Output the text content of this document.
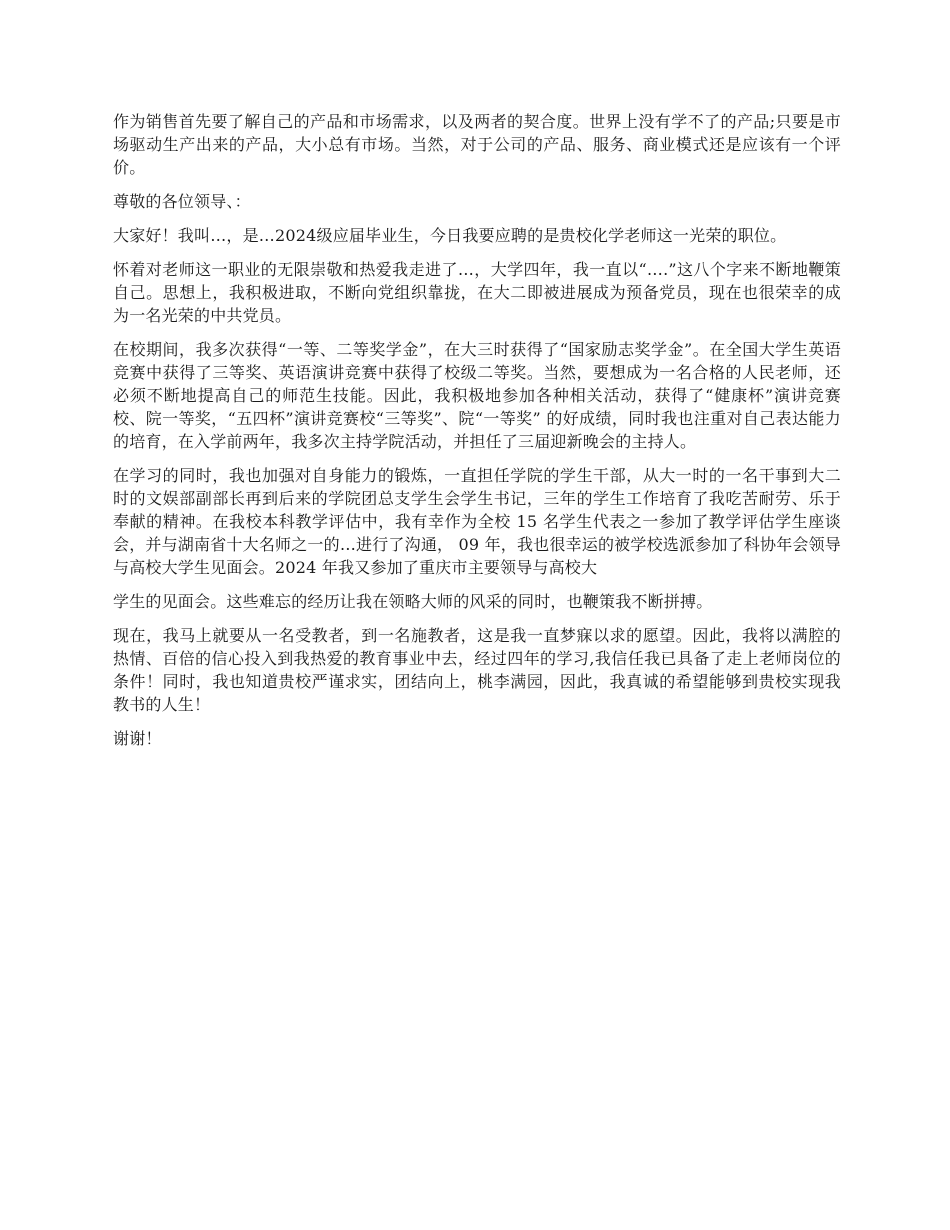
作为销售首先要了解自己的产品和市场需求，以及两者的契合度。世界上没有学不了的产品;只要是市场驱动生产出来的产品，大小总有市场。当然，对于公司的产品、服务、商业模式还是应该有一个评价。

尊敬的各位领导、：

大家好！我叫…，是…2024级应届毕业生，今日我要应聘的是贵校化学老师这一光荣的职位。

怀着对老师这一职业的无限崇敬和热爱我走进了…，大学四年，我一直以“….”这八个字来不断地鞭策自己。思想上，我积极进取，不断向党组织靠拢，在大二即被进展成为预备党员，现在也很荣幸的成为一名光荣的中共党员。

在校期间，我多次获得“一等、二等奖学金”，在大三时获得了“国家励志奖学金”。在全国大学生英语竞赛中获得了三等奖、英语演讲竞赛中获得了校级二等奖。当然，要想成为一名合格的人民老师，还必须不断地提高自己的师范生技能。因此，我积极地参加各种相关活动，获得了“健康杯”演讲竞赛校、院一等奖，“五四杯”演讲竞赛校“三等奖”、院“一等奖” 的好成绩，同时我也注重对自己表达能力的培育，在入学前两年，我多次主持学院活动，并担任了三届迎新晚会的主持人。

在学习的同时，我也加强对自身能力的锻炼，一直担任学院的学生干部，从大一时的一名干事到大二时的文娱部副部长再到后来的学院团总支学生会学生书记，三年的学生工作培育了我吃苦耐劳、乐于奉献的精神。在我校本科教学评估中，我有幸作为全校 15 名学生代表之一参加了教学评估学生座谈会，并与湖南省十大名师之一的…进行了沟通， 09 年，我也很幸运的被学校选派参加了科协年会领导与高校大学生见面会。2024 年我又参加了重庆市主要领导与高校大

学生的见面会。这些难忘的经历让我在领略大师的风采的同时，也鞭策我不断拼搏。

现在，我马上就要从一名受教者，到一名施教者，这是我一直梦寐以求的愿望。因此，我将以满腔的热情、百倍的信心投入到我热爱的教育事业中去，经过四年的学习,我信任我已具备了走上老师岗位的条件！同时，我也知道贵校严谨求实，团结向上，桃李满园，因此，我真诚的希望能够到贵校实现我教书的人生！

谢谢！
